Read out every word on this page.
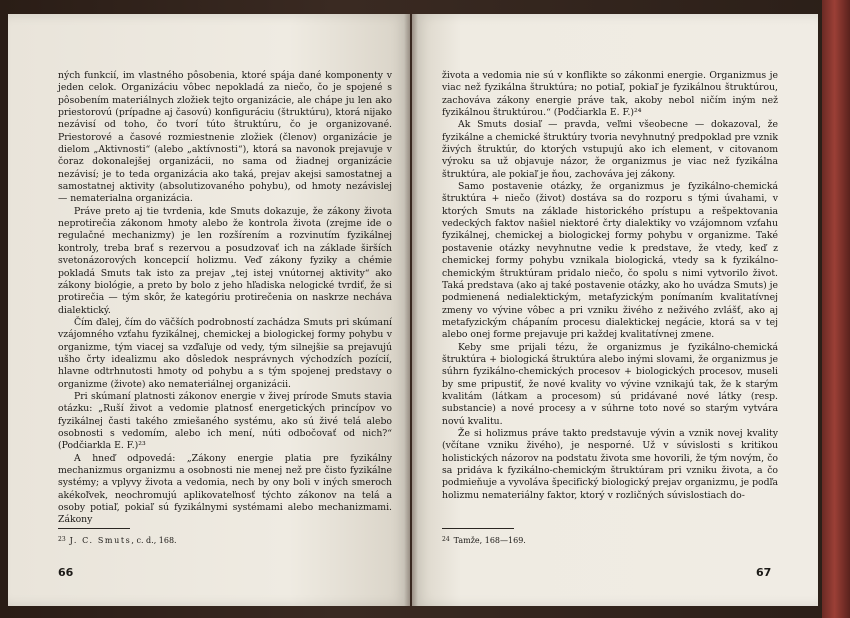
ných funkcií, im vlastného pôsobenia, ktoré spája dané komponenty v jeden celok. Organizáciu vôbec nepokladá za niečo, čo je spojené s pôsobením materiálnych zložiek tejto organizácie, ale chápe ju len ako priestorovú (prípadne aj časovú) konfiguráciu (štruktúru), ktorá nijako nezávisí od toho, čo tvorí túto štruktúru, čo je organizované. Priestorové a časové rozmiestnenie zložiek (členov) organizácie je dielom „Aktivnosti“ (alebo „aktívnosti“), ktorá sa navonok prejavuje v čoraz dokonalejšej organizácii, no sama od žiadnej organizácie nezávisí; je to teda organizácia ako taká, prejav akejsi samostatnej a samostatnej aktivity (absolutizovaného pohybu), od hmoty nezávislej — nematerialna organizácia.

Práve preto aj tie tvrdenia, kde Smuts dokazuje, že zákony života neprotirečia zákonom hmoty alebo že kontrola života (zrejme ide o regulačné mechanizmy) je len rozšírením a rozvinutím fyzikálnej kontroly, treba brať s rezervou a posudzovať ich na základe širších svetonázorových koncepcií holizmu. Veď zákony fyziky a chémie pokladá Smuts tak isto za prejav „tej istej vnútornej aktivity“ ako zákony biológie, a preto by bolo z jeho hľadiska nelogické tvrdiť, že si protirečia — tým skôr, že kategóriu protirečenia on naskrze necháva dialektický.

Čím ďalej, čím do väčších podrobností zachádza Smuts pri skúmaní vzájomného vzťahu fyzikálnej, chemickej a biologickej formy pohybu v organizme, tým viacej sa vzďaľuje od vedy, tým silnejšie sa prejavujú ušho črty idealizmu ako dôsledok nesprávnych východzích pozícií, hlavne odtrhnutosti hmoty od pohybu a s tým spojenej predstavy o organizme (živote) ako nemateriálnej organizácii.

Pri skúmaní platnosti zákonov energie v živej prírode Smuts stavia otázku: „Ruší život a vedomie platnosť energetických princípov vo fyzikálnej časti takého zmiešaného systému, ako sú živé telá alebo osobnosti s vedomím, alebo ich mení, núti odbočovať od nich?“ (Podčiarkla E. F.)²³

A hneď odpovedá: „Zákony energie platia pre fyzikálny mechanizmus organizmu a osobnosti nie menej než pre čisto fyzikálne systémy; a vplyvy života a vedomia, nech by ony boli v iných smeroch akékoľvek, neochromujú aplikovateľnosť týchto zákonov na telá a osoby potiaľ, pokiaľ sú fyzikálnymi systémami alebo mechanizmami. Zákony

$^{23}$ J. C. Smuts, c. d., 168.
66

života a vedomia nie sú v konflikte so zákonmi energie. Organizmus je viac než fyzikálna štruktúra; no potiaľ, pokiaľ je fyzikálnou štruktúrou, zachováva zákony energie práve tak, akoby nebol ničím iným než fyzikálnou štruktúrou.“ (Podčiarkla E. F.)²⁴

Ak Smuts dosiaľ — pravda, veľmi všeobecne — dokazoval, že fyzikálne a chemické štruktúry tvoria nevyhnutný predpoklad pre vznik živých štruktúr, do ktorých vstupujú ako ich element, v citovanom výroku sa už objavuje názor, že organizmus je viac než fyzikálna štruktúra, ale pokiaľ je ňou, zachováva jej zákony.

Samo postavenie otázky, že organizmus je fyzikálno-chemická štruktúra + niečo (život) dostáva sa do rozporu s tými úvahami, v ktorých Smuts na základe historického prístupu a rešpektovania vedeckých faktov našiel niektoré črty dialektiky vo vzájomnom vzťahu fyzikálnej, chemickej a biologickej formy pohybu v organizme. Také postavenie otázky nevyhnutne vedie k predstave, že vtedy, keď z chemickej formy pohybu vznikala biologická, vtedy sa k fyzikálno-chemickým štruktúram pridalo niečo, čo spolu s nimi vytvorilo život. Taká predstava (ako aj také postavenie otázky, ako ho uvádza Smuts) je podmienená nedialektickým, metafyzickým ponímaním kvalitatívnej zmeny vo vývine vôbec a pri vzniku živého z neživého zvlášť, ako aj metafyzickým chápaním procesu dialektickej negácie, ktorá sa v tej alebo onej forme prejavuje pri každej kvalitatívnej zmene.

Keby sme prijali tézu, že organizmus je fyzikálno-chemická štruktúra + biologická štruktúra alebo inými slovami, že organizmus je súhrn fyzikálno-chemických procesov + biologických procesov, museli by sme pripustiť, že nové kvality vo vývine vznikajú tak, že k starým kvalitám (látkam a procesom) sú pridávané nové látky (resp. substancie) a nové procesy a v súhrne toto nové so starým vytvára novú kvalitu.

Že si holizmus práve takto predstavuje vývin a vznik novej kvality (včítane vzniku živého), je nesporné. Už v súvislosti s kritikou holistických názorov na podstatu života sme hovorili, že tým novým, čo sa pridáva k fyzikálno-chemickým štruktúram pri vzniku života, a čo podmieňuje a vyvoláva špecifický biologický prejav organizmu, je podľa holizmu nemateriálny faktor, ktorý v rozličných súvislostiach do-

$^{24}$ Tamže, 168—169.
67
